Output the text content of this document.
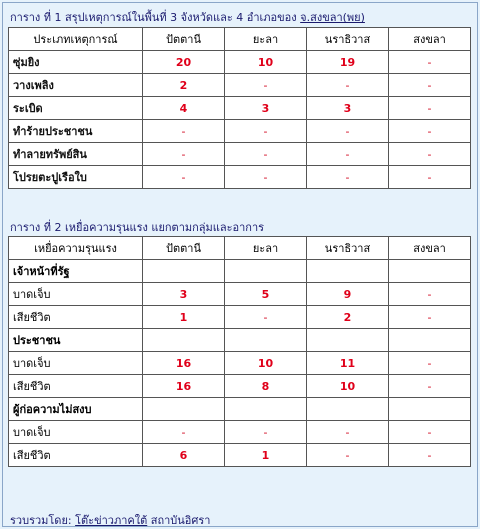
การาง ที่ 1 สรุปเหตุการณ์ในพื้นที่ 3 จังหวัดและ 4 อำเภอของ จ.สงขลา(พย)
ประเภทเหตุการณ์	ปัตตานี	ยะลา	นราธิวาส	สงขลา
ซุ่มยิง	20	10	19	-
วางเพลิง	2	-	-	-
ระเบิด	4	3	3	-
ทำร้ายประชาชน	-	-	-	-
ทำลายทรัพย์สิน	-	-	-	-
โปรยตะปูเรือใบ	-	-	-	-
การาง ที่ 2 เหยื่อความรุนแรง แยกตามกลุ่มและอาการ
เหยื่อความรุนแรง	ปัตตานี	ยะลา	นราธิวาส	สงขลา
เจ้าหน้าที่รัฐ				
บาดเจ็บ	3	5	9	-
เสียชีวิต	1	-	2	-
ประชาชน				
บาดเจ็บ	16	10	11	-
เสียชีวิต	16	8	10	-
ผู้ก่อความไม่สงบ				
บาดเจ็บ	-	-	-	-
เสียชีวิต	6	1	-	-
รวบรวมโดย: โต๊ะข่าวภาคใต้ สถาบันอิศรา
